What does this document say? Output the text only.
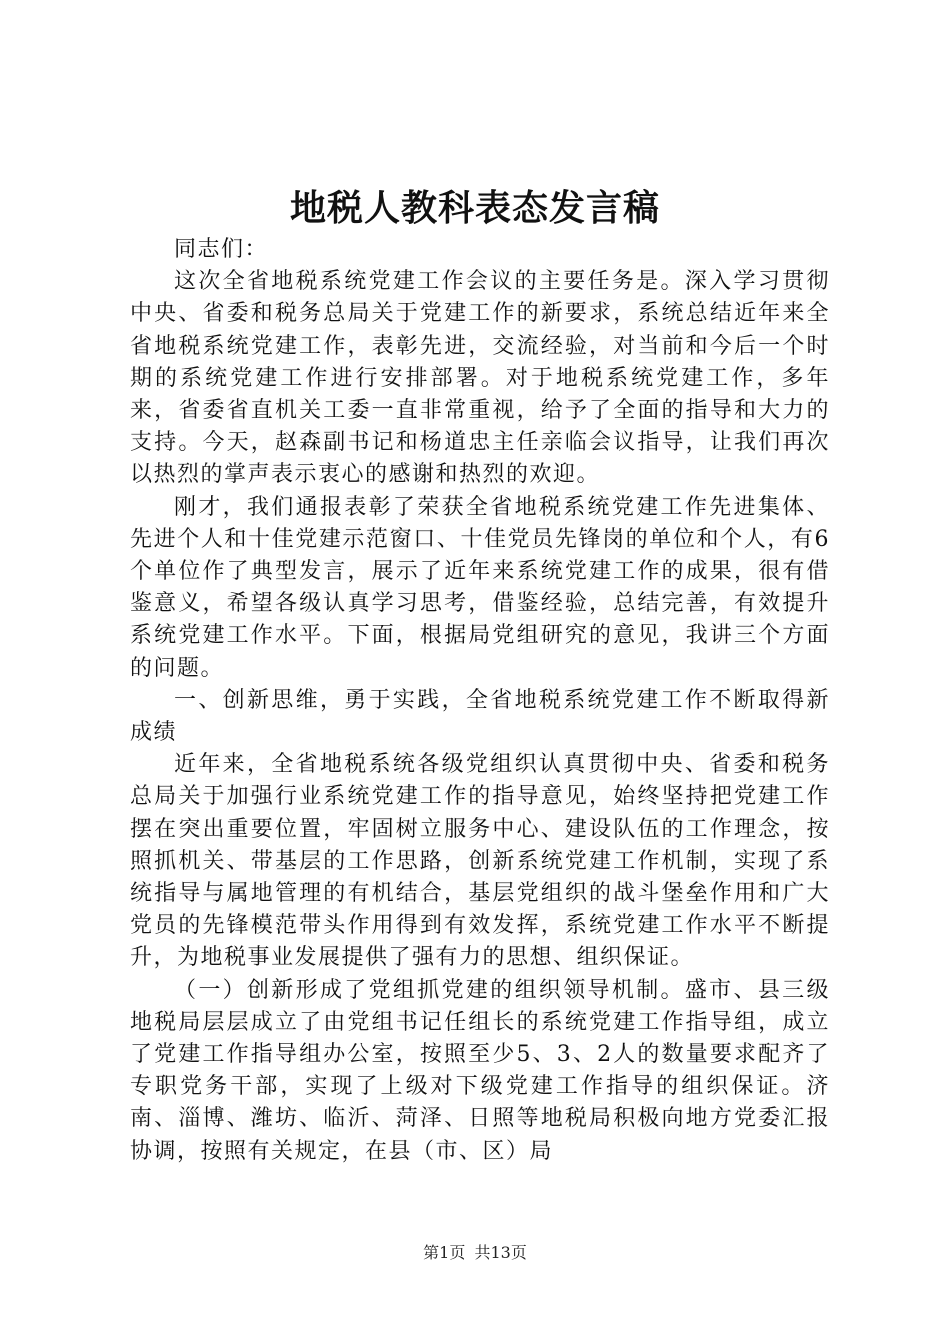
地税人教科表态发言稿

同志们：

这次全省地税系统党建工作会议的主要任务是。深入学习贯彻中央、省委和税务总局关于党建工作的新要求，系统总结近年来全省地税系统党建工作，表彰先进，交流经验，对当前和今后一个时期的系统党建工作进行安排部署。对于地税系统党建工作，多年来，省委省直机关工委一直非常重视，给予了全面的指导和大力的支持。今天，赵森副书记和杨道忠主任亲临会议指导，让我们再次以热烈的掌声表示衷心的感谢和热烈的欢迎。

刚才，我们通报表彰了荣获全省地税系统党建工作先进集体、先进个人和十佳党建示范窗口、十佳党员先锋岗的单位和个人，有6个单位作了典型发言，展示了近年来系统党建工作的成果，很有借鉴意义，希望各级认真学习思考，借鉴经验，总结完善，有效提升系统党建工作水平。下面，根据局党组研究的意见，我讲三个方面的问题。

一、创新思维，勇于实践，全省地税系统党建工作不断取得新成绩

近年来，全省地税系统各级党组织认真贯彻中央、省委和税务总局关于加强行业系统党建工作的指导意见，始终坚持把党建工作摆在突出重要位置，牢固树立服务中心、建设队伍的工作理念，按照抓机关、带基层的工作思路，创新系统党建工作机制，实现了系统指导与属地管理的有机结合，基层党组织的战斗堡垒作用和广大党员的先锋模范带头作用得到有效发挥，系统党建工作水平不断提升，为地税事业发展提供了强有力的思想、组织保证。

（一）创新形成了党组抓党建的组织领导机制。盛市、县三级地税局层层成立了由党组书记任组长的系统党建工作指导组，成立了党建工作指导组办公室，按照至少5、3、2人的数量要求配齐了专职党务干部，实现了上级对下级党建工作指导的组织保证。济南、淄博、潍坊、临沂、菏泽、日照等地税局积极向地方党委汇报协调，按照有关规定，在县（市、区）局

第1页 共13页
